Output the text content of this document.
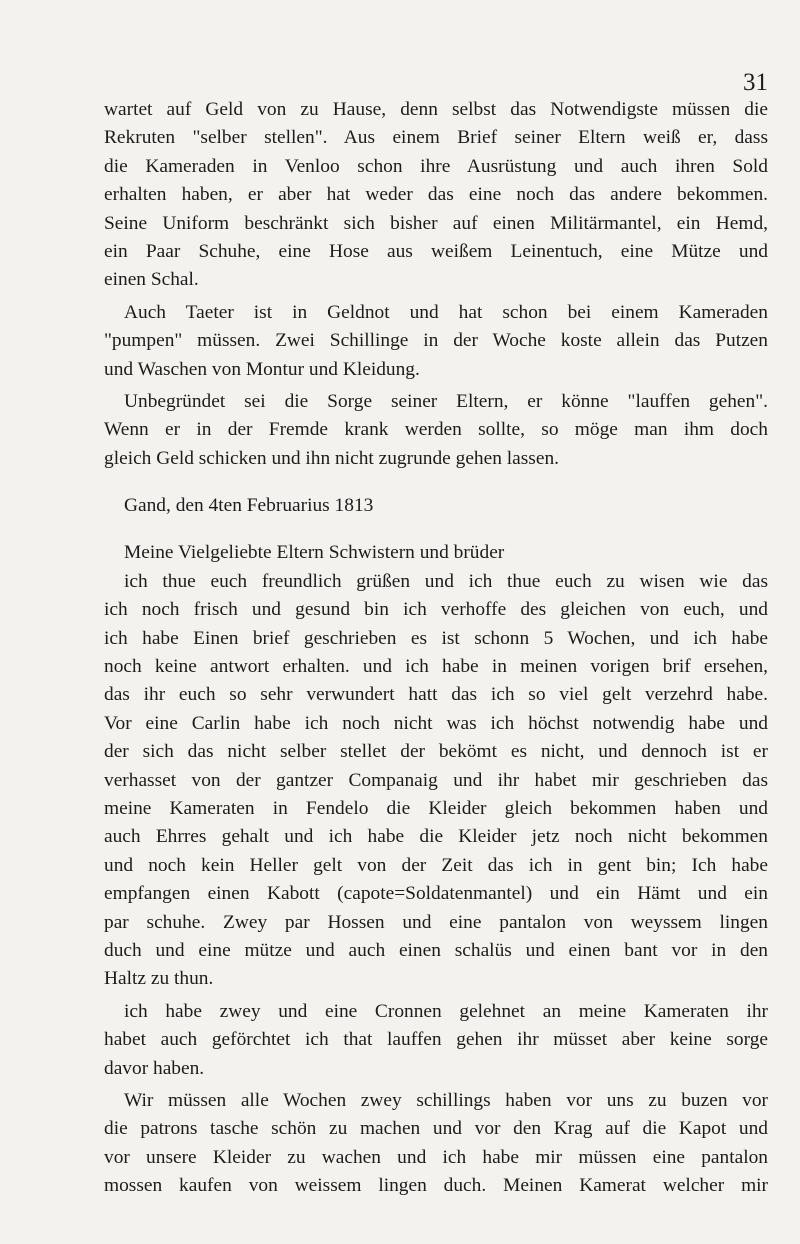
31
wartet auf Geld von zu Hause, denn selbst das Notwendigste müssen die
Rekruten "selber stellen". Aus einem Brief seiner Eltern weiß er, dass
die Kameraden in Venloo schon ihre Ausrüstung und auch ihren Sold
erhalten haben, er aber hat weder das eine noch das andere bekommen.
Seine Uniform beschränkt sich bisher auf einen Militärmantel, ein Hemd,
ein Paar Schuhe, eine Hose aus weißem Leinentuch, eine Mütze und
einen Schal.
Auch Taeter ist in Geldnot und hat schon bei einem Kameraden
"pumpen" müssen. Zwei Schillinge in der Woche koste allein das Putzen
und Waschen von Montur und Kleidung.
Unbegründet sei die Sorge seiner Eltern, er könne "lauffen gehen".
Wenn er in der Fremde krank werden sollte, so möge man ihm doch
gleich Geld schicken und ihn nicht zugrunde gehen lassen.
Gand, den 4ten Februarius 1813
Meine Vielgeliebte Eltern Schwistern und brüder
ich thue euch freundlich grüßen und ich thue euch zu wisen wie das
ich noch frisch und gesund bin ich verhoffe des gleichen von euch, und
ich habe Einen brief geschrieben es ist schonn 5 Wochen, und ich habe
noch keine antwort erhalten. und ich habe in meinen vorigen brif ersehen,
das ihr euch so sehr verwundert hatt das ich so viel gelt verzehrd habe.
Vor eine Carlin habe ich noch nicht was ich höchst notwendig habe und
der sich das nicht selber stellet der bekömt es nicht, und dennoch ist er
verhasset von der gantzer Companaig und ihr habet mir geschrieben das
meine Kameraten in Fendelo die Kleider gleich bekommen haben und
auch Ehrres gehalt und ich habe die Kleider jetz noch nicht bekommen
und noch kein Heller gelt von der Zeit das ich in gent bin; Ich habe
empfangen einen Kabott (capote=Soldatenmantel) und ein Hämt und ein
par schuhe. Zwey par Hossen und eine pantalon von weyssem lingen
duch und eine mütze und auch einen schalüs und einen bant vor in den
Haltz zu thun.
ich habe zwey und eine Cronnen gelehnet an meine Kameraten ihr
habet auch geförchtet ich that lauffen gehen ihr müsset aber keine sorge
davor haben.
Wir müssen alle Wochen zwey schillings haben vor uns zu buzen vor
die patrons tasche schön zu machen und vor den Krag auf die Kapot und
vor unsere Kleider zu wachen und ich habe mir müssen eine pantalon
mossen kaufen von weissem lingen duch. Meinen Kamerat welcher mir
